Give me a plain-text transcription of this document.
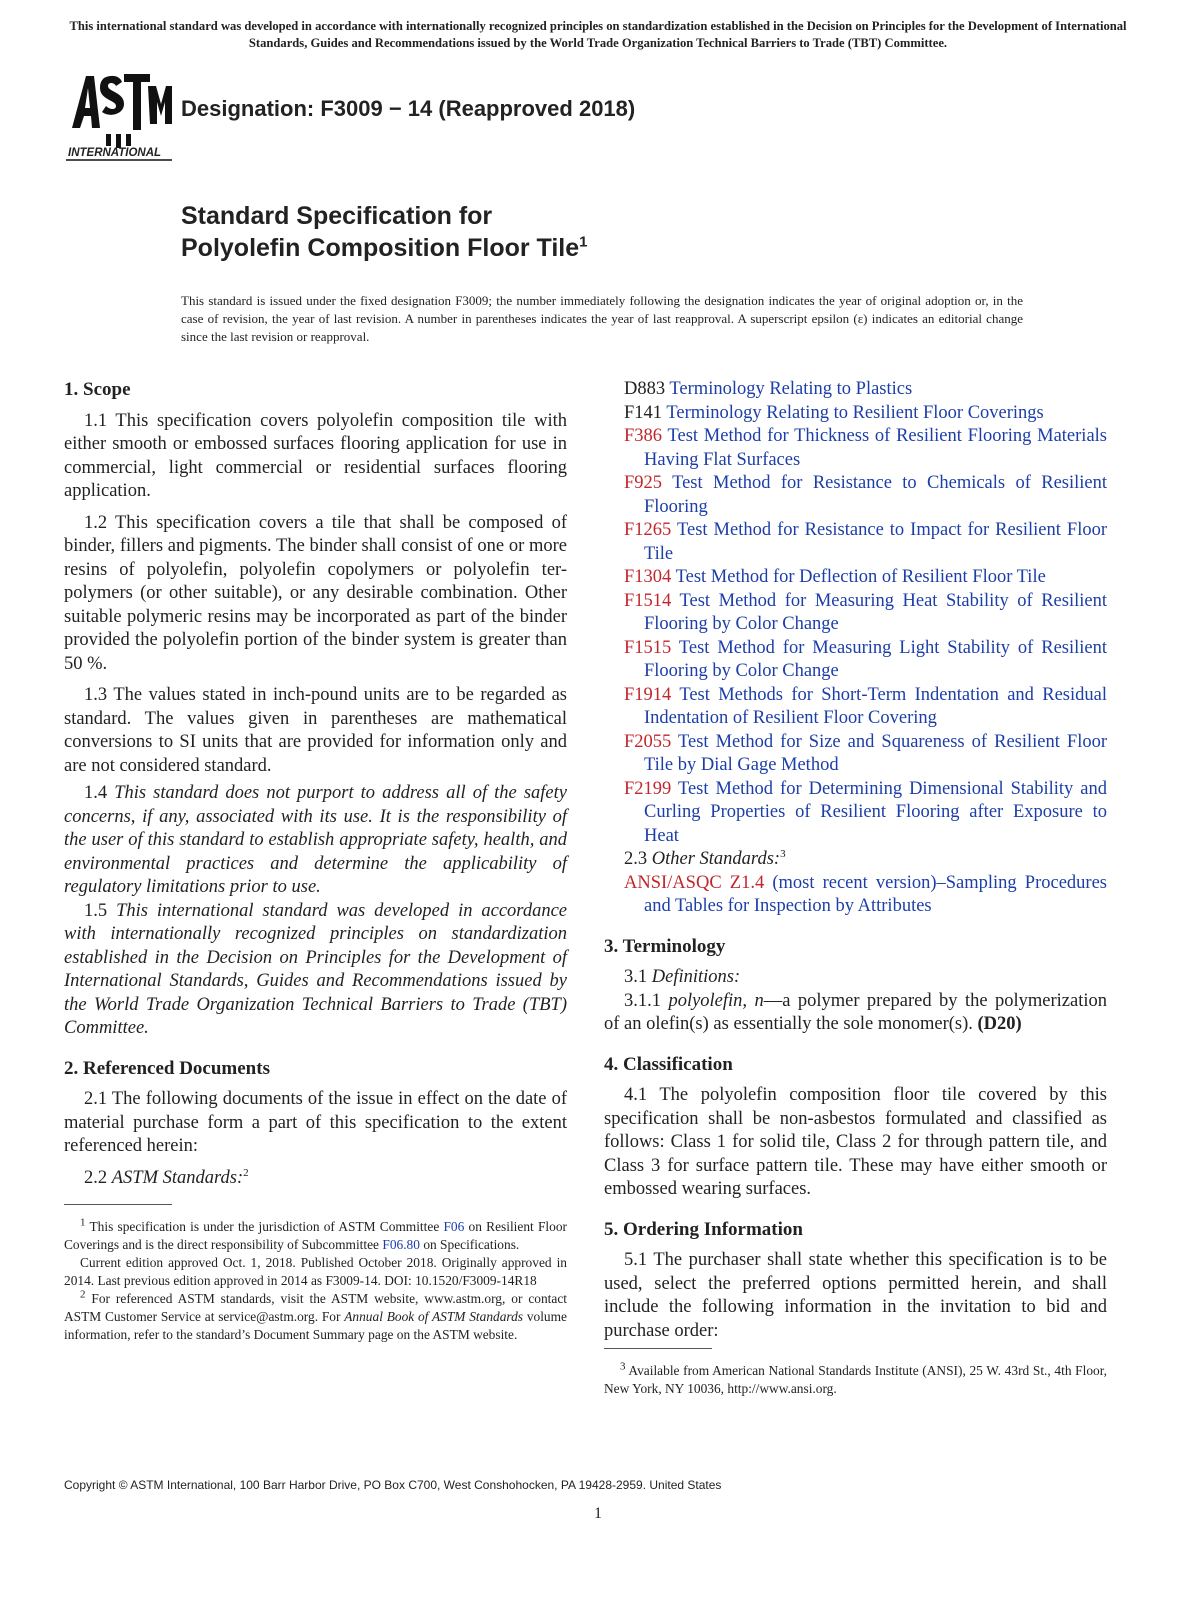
This international standard was developed in accordance with internationally recognized principles on standardization established in the Decision on Principles for the Development of International Standards, Guides and Recommendations issued by the World Trade Organization Technical Barriers to Trade (TBT) Committee.
INTERNATIONAL
Designation: F3009 − 14 (Reapproved 2018)
Standard Specification for
Polyolefin Composition Floor Tile$^1$
This standard is issued under the fixed designation F3009; the number immediately following the designation indicates the year of original adoption or, in the case of revision, the year of last revision. A number in parentheses indicates the year of last reapproval. A superscript epsilon (ε) indicates an editorial change since the last revision or reapproval.
1. Scope

1.1 This specification covers polyolefin composition tile with either smooth or embossed surfaces flooring application for use in commercial, light commercial or residential surfaces flooring application.

1.2 This specification covers a tile that shall be composed of binder, fillers and pigments. The binder shall consist of one or more resins of polyolefin, polyolefin copolymers or polyolefin ter-polymers (or other suitable), or any desirable combination. Other suitable polymeric resins may be incorporated as part of the binder provided the polyolefin portion of the binder system is greater than 50 %.

1.3 The values stated in inch-pound units are to be regarded as standard. The values given in parentheses are mathematical conversions to SI units that are provided for information only and are not considered standard.

1.4 This standard does not purport to address all of the safety concerns, if any, associated with its use. It is the responsibility of the user of this standard to establish appropriate safety, health, and environmental practices and determine the applicability of regulatory limitations prior to use.

1.5 This international standard was developed in accordance with internationally recognized principles on standardization established in the Decision on Principles for the Development of International Standards, Guides and Recommendations issued by the World Trade Organization Technical Barriers to Trade (TBT) Committee.

2. Referenced Documents

2.1 The following documents of the issue in effect on the date of material purchase form a part of this specification to the extent referenced herein:

2.2 ASTM Standards:$^2$

$^1$ This specification is under the jurisdiction of ASTM Committee F06 on Resilient Floor Coverings and is the direct responsibility of Subcommittee F06.80 on Specifications.

Current edition approved Oct. 1, 2018. Published October 2018. Originally approved in 2014. Last previous edition approved in 2014 as F3009-14. DOI: 10.1520/F3009-14R18

$^2$ For referenced ASTM standards, visit the ASTM website, www.astm.org, or contact ASTM Customer Service at service@astm.org. For Annual Book of ASTM Standards volume information, refer to the standard’s Document Summary page on the ASTM website.

D883 Terminology Relating to Plastics

F141 Terminology Relating to Resilient Floor Coverings

F386 Test Method for Thickness of Resilient Flooring Materials Having Flat Surfaces

F925 Test Method for Resistance to Chemicals of Resilient Flooring

F1265 Test Method for Resistance to Impact for Resilient Floor Tile

F1304 Test Method for Deflection of Resilient Floor Tile

F1514 Test Method for Measuring Heat Stability of Resilient Flooring by Color Change

F1515 Test Method for Measuring Light Stability of Resilient Flooring by Color Change

F1914 Test Methods for Short-Term Indentation and Residual Indentation of Resilient Floor Covering

F2055 Test Method for Size and Squareness of Resilient Floor Tile by Dial Gage Method

F2199 Test Method for Determining Dimensional Stability and Curling Properties of Resilient Flooring after Exposure to Heat

2.3 Other Standards:$^3$

ANSI/ASQC Z1.4 (most recent version)–Sampling Procedures and Tables for Inspection by Attributes

3. Terminology

3.1 Definitions:

3.1.1 polyolefin, n—a polymer prepared by the polymerization of an olefin(s) as essentially the sole monomer(s). (D20)

4. Classification

4.1 The polyolefin composition floor tile covered by this specification shall be non-asbestos formulated and classified as follows: Class 1 for solid tile, Class 2 for through pattern tile, and Class 3 for surface pattern tile. These may have either smooth or embossed wearing surfaces.

5. Ordering Information

5.1 The purchaser shall state whether this specification is to be used, select the preferred options permitted herein, and shall include the following information in the invitation to bid and purchase order:

$^3$ Available from American National Standards Institute (ANSI), 25 W. 43rd St., 4th Floor, New York, NY 10036, http://www.ansi.org.

Copyright © ASTM International, 100 Barr Harbor Drive, PO Box C700, West Conshohocken, PA 19428-2959. United States
1
